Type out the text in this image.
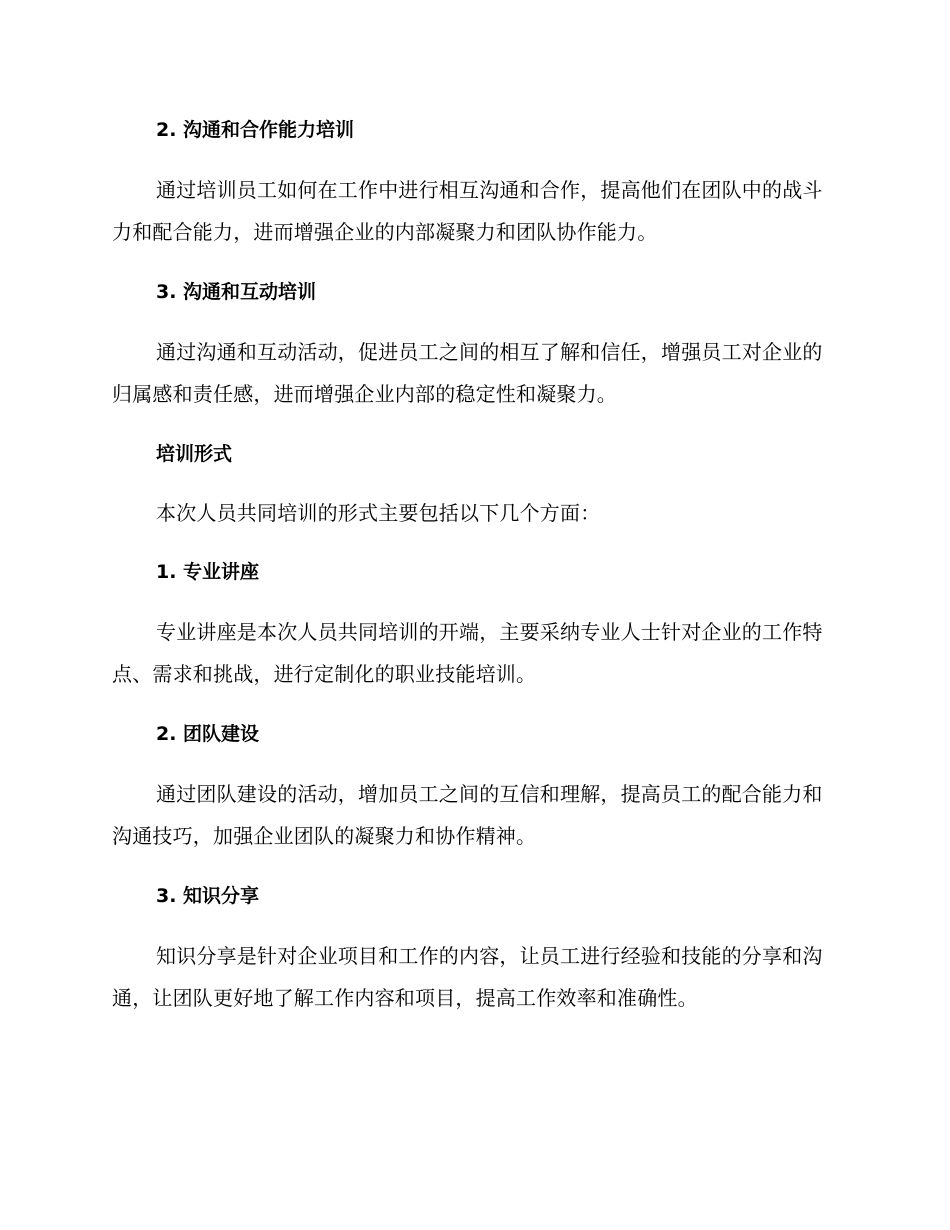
2. 沟通和合作能力培训
通过培训员工如何在工作中进行相互沟通和合作，提高他们在团队中的战斗力和配合能力，进而增强企业的内部凝聚力和团队协作能力。
3. 沟通和互动培训
通过沟通和互动活动，促进员工之间的相互了解和信任，增强员工对企业的归属感和责任感，进而增强企业内部的稳定性和凝聚力。
培训形式
本次人员共同培训的形式主要包括以下几个方面：
1. 专业讲座
专业讲座是本次人员共同培训的开端，主要采纳专业人士针对企业的工作特点、需求和挑战，进行定制化的职业技能培训。
2. 团队建设
通过团队建设的活动，增加员工之间的互信和理解，提高员工的配合能力和沟通技巧，加强企业团队的凝聚力和协作精神。
3. 知识分享
知识分享是针对企业项目和工作的内容，让员工进行经验和技能的分享和沟通，让团队更好地了解工作内容和项目，提高工作效率和准确性。
